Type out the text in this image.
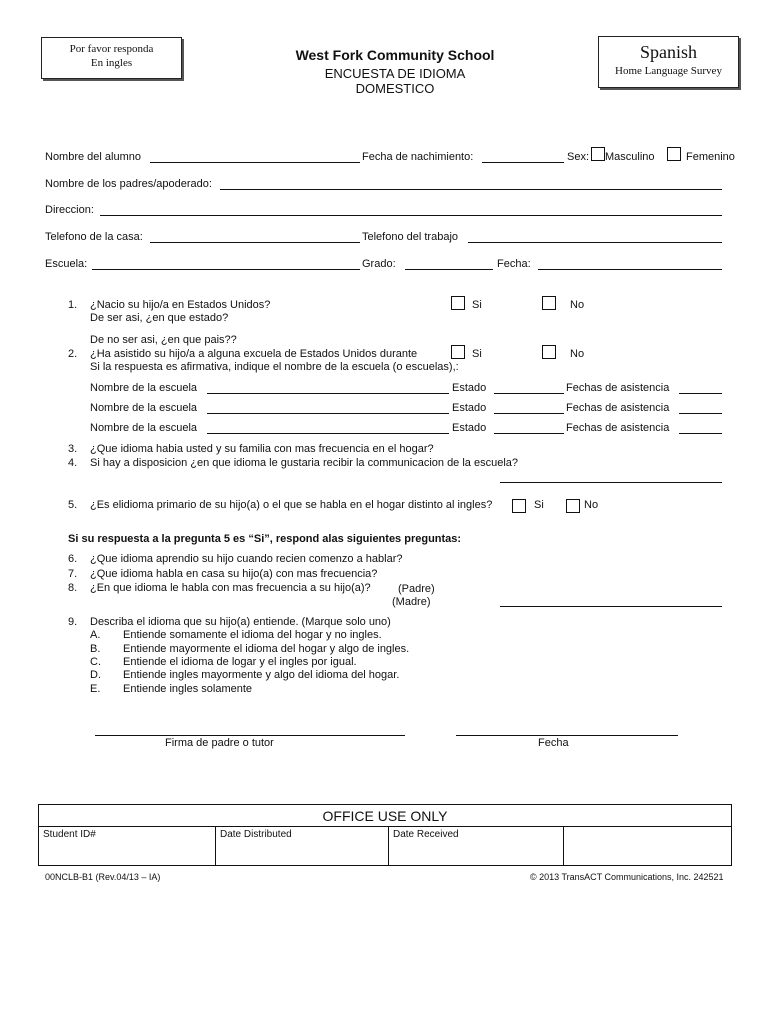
Por favor responda
En ingles	West Fork Community School
ENCUESTA DE IDIOMA
DOMESTICO
Spanish
Home Language Survey
Nombre del alumno	Fecha de nachimiento:	Sex: Masculino	Femenino
Nombre de los padres/apoderado:
Direccion:
Telefono de la casa:	Telefono del trabajo
Escuela:	Grado:	Fecha:
1. ¿Nacio su hijo/a en Estados Unidos?	Si	No
De ser asi, ¿en que estado?
De no ser asi, ¿en que pais??
2. ¿Ha asistido su hijo/a a alguna excuela de Estados Unidos durante	Si	No
Si la respuesta es afirmativa, indique el nombre de la escuela (o escuelas),:
Nombre de la escuela	Estado	Fechas de asistencia
Nombre de la escuela	Estado	Fechas de asistencia
Nombre de la escuela	Estado	Fechas de asistencia
3. ¿Que idioma habia usted y su familia con mas frecuencia en el hogar?
4. Si hay a disposicion ¿en que idioma le gustaria recibir la communicacion de la escuela?
5. ¿Es elidioma primario de su hijo(a) o el que se habla en el hogar distinto al ingles?	Si	No
Si su respuesta a la pregunta 5 es “Si”, respond alas siguientes preguntas:
6. ¿Que idioma aprendio su hijo cuando recien comenzo a hablar?
7. ¿Que idioma habla en casa su hijo(a) con mas frecuencia?
8. ¿En que idioma le habla con mas frecuencia a su hijo(a)? (Padre)
(Madre)
9. Describa el idioma que su hijo(a) entiende. (Marque solo uno)
A. Entiende somamente el idioma del hogar y no ingles.
B. Entiende mayormente el idioma del hogar y algo de ingles.
C. Entiende el idioma de logar y el ingles por igual.
D. Entiende ingles mayormente y algo del idioma del hogar.
E. Entiende ingles solamente
Firma de padre o tutor	Fecha
OFFICE USE ONLY
Student ID#	Date Distributed	Date Received	
00NCLB-B1 (Rev.04/13 – IA)	© 2013 TransACT Communications, Inc. 242521
